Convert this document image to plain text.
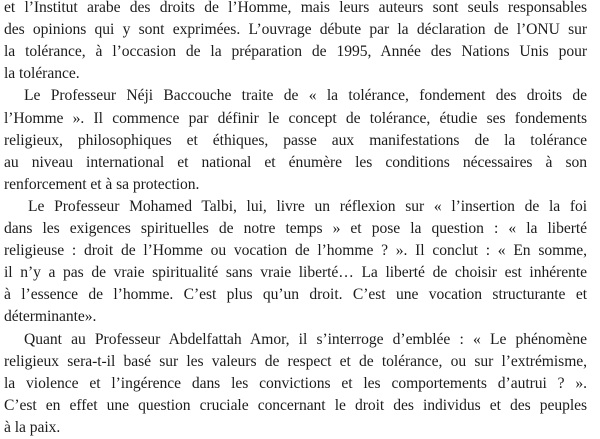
et l’Institut arabe des droits de l’Homme, mais leurs auteurs sont seuls responsables
des opinions qui y sont exprimées. L’ouvrage débute par la déclaration de l’ONU sur
la tolérance, à l’occasion de la préparation de 1995, Année des Nations Unis pour
la tolérance.
Le Professeur Néji Baccouche traite de « la tolérance, fondement des droits de
l’Homme ». Il commence par définir le concept de tolérance, étudie ses fondements
religieux, philosophiques et éthiques, passe aux manifestations de la tolérance
au niveau international et national et énumère les conditions nécessaires à son
renforcement et à sa protection.
Le Professeur Mohamed Talbi, lui, livre un réflexion sur « l’insertion de la foi
dans les exigences spirituelles de notre temps » et pose la question : « la liberté
religieuse : droit de l’Homme ou vocation de l’homme ? ». Il conclut : « En somme,
il n’y a pas de vraie spiritualité sans vraie liberté… La liberté de choisir est inhérente
à l’essence de l’homme. C’est plus qu’un droit. C’est une vocation structurante et
déterminante».
Quant au Professeur Abdelfattah Amor, il s’interroge d’emblée : « Le phénomène
religieux sera-t-il basé sur les valeurs de respect et de tolérance, ou sur l’extrémisme,
la violence et l’ingérence dans les convictions et les comportements d’autrui ? ».
C’est en effet une question cruciale concernant le droit des individus et des peuples
à la paix.
